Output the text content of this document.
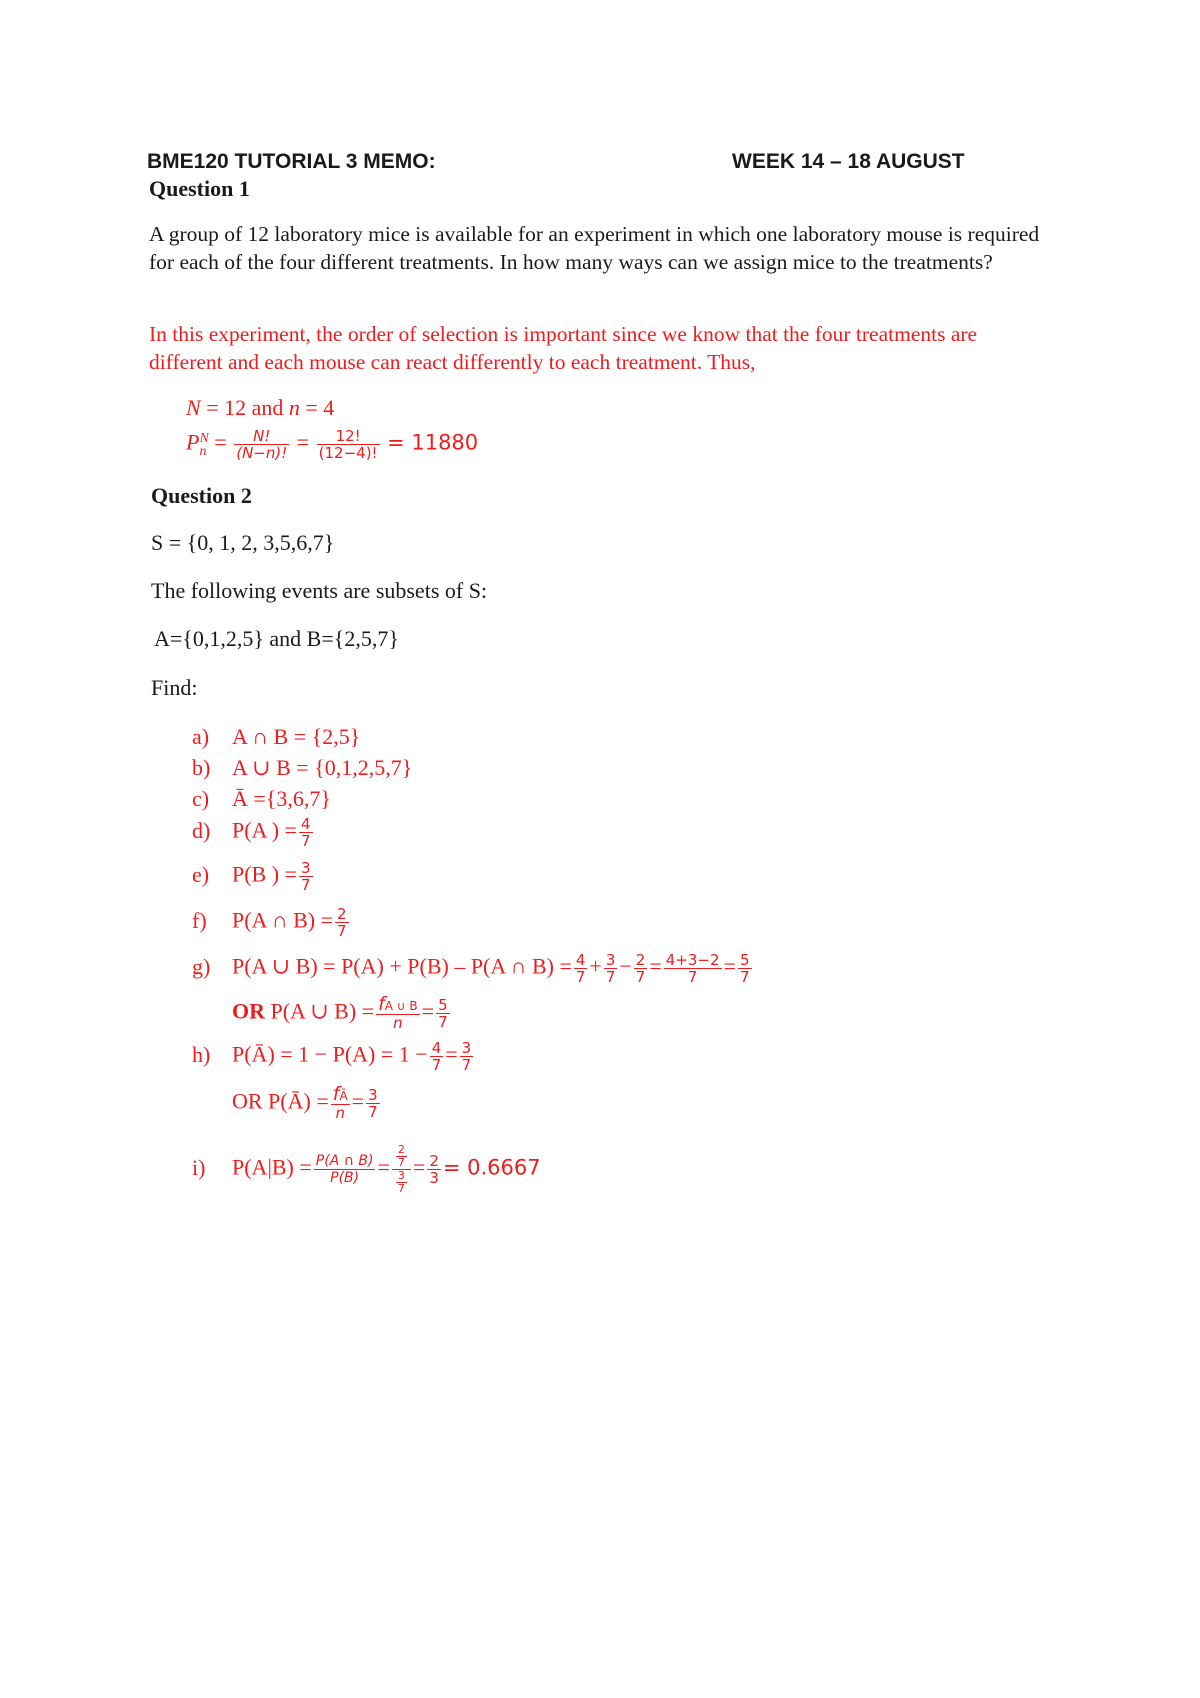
BME120 TUTORIAL 3 MEMO:	WEEK 14 – 18 AUGUST
Question 1
A group of 12 laboratory mice is available for an experiment in which one laboratory mouse is required for each of the four different treatments. In how many ways can we assign mice to the treatments?
In this experiment, the order of selection is important since we know that the four treatments are different and each mouse can react differently to each treatment. Thus,
N = 12 and n = 4
P N
$n = \frac{N!}{(N-n)!} = \frac{12!}{(12-4)!} = 11880$
Question 2
S = {0, 1, 2, 3,5,6,7}
The following events are subsets of S:
A={0,1,2,5} and B={2,5,7}
Find:
a) A ∩ B = {2,5}
b) A ∪ B = {0,1,2,5,7}
c) Ā ={3,6,7}
d) P(A ) = $\frac{4}{7}$
e) P(B ) = $\frac{3}{7}$
f) P(A ∩ $B) = \frac{2}{7}$
g) P(A ∪ B) = P(A) + P(B) – P(A ∩ $B) = \frac{4}{7} + \frac{3}{7} - \frac{2}{7} = \frac{4+3-2}{7} = \frac{5}{7}$
OR P(A ∪ $B) = \frac{fA \cup B}{n} = \frac{5}{7}$
h) P(Ā) = $1 - P(A) = 1 - \frac{4}{7} = \frac{3}{7}$
OR P(Ā) = $\frac{fĀ}{n} = \frac{3}{7}$
i) $P(A|B) = \frac{P(A \cap B)}{P(B)} = \frac{\frac{2}{7}}{\frac{3}{7}} = \frac{2}{3} = 0.6667$
